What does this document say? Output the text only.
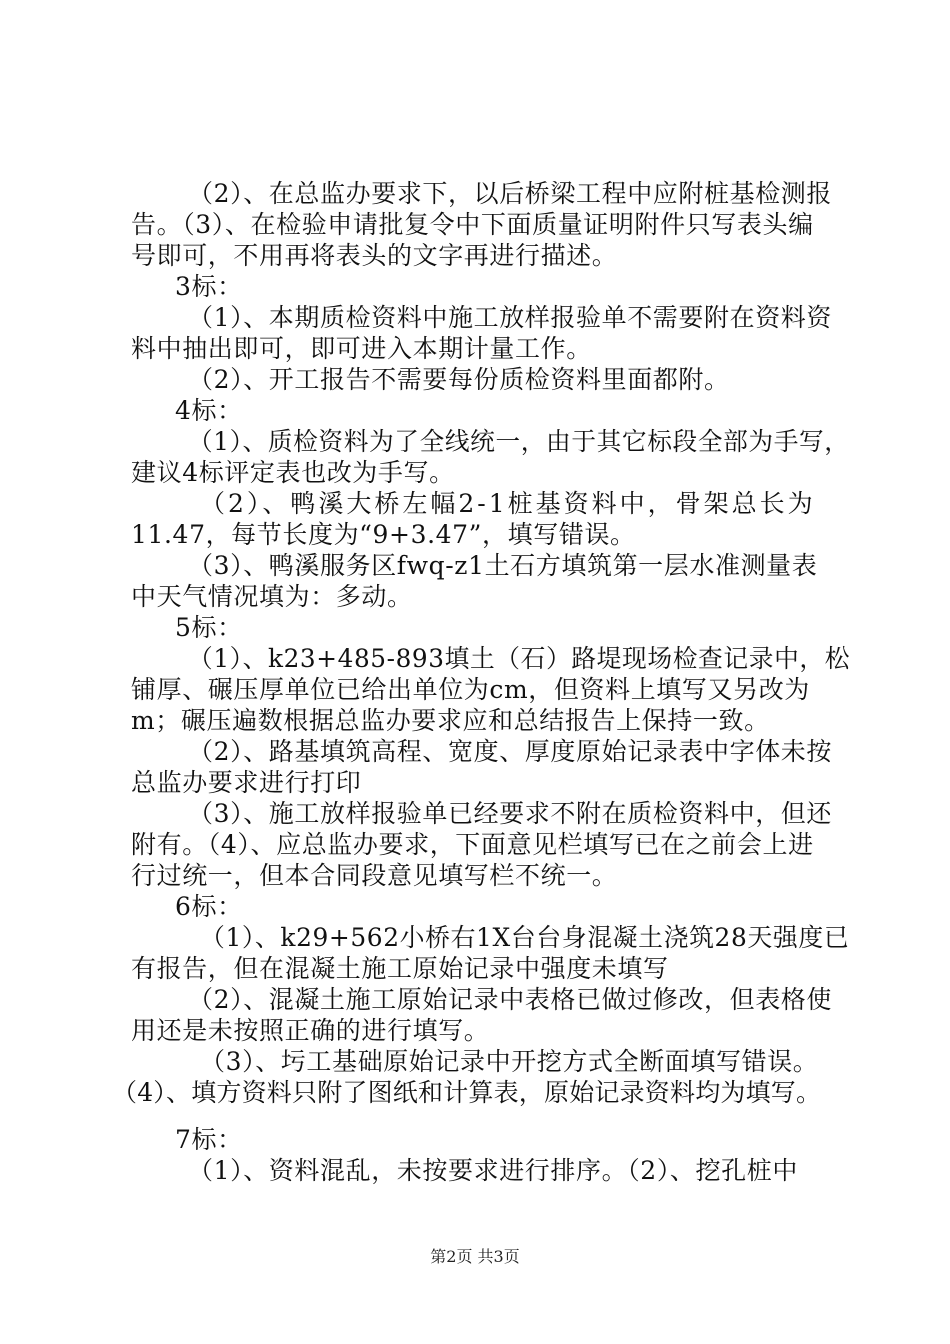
（2）、在总监办要求下，以后桥梁工程中应附桩基检测报
告。（3）、在检验申请批复令中下面质量证明附件只写表头编
号即可，不用再将表头的文字再进行描述。
3标：
（1）、本期质检资料中施工放样报验单不需要附在资料资
料中抽出即可，即可进入本期计量工作。
（2）、开工报告不需要每份质检资料里面都附。
4标：
（1）、质检资料为了全线统一，由于其它标段全部为手写，
建议4标评定表也改为手写。
（2）、鸭溪大桥左幅2-1桩基资料中，骨架总长为
11.47，每节长度为“9+3.47”，填写错误。
（3）、鸭溪服务区fwq-z1土石方填筑第一层水准测量表
中天气情况填为：多动。
5标：
（1）、k23+485-893填土（石）路堤现场检查记录中，松
铺厚、碾压厚单位已给出单位为cm，但资料上填写又另改为
m；碾压遍数根据总监办要求应和总结报告上保持一致。
（2）、路基填筑高程、宽度、厚度原始记录表中字体未按
总监办要求进行打印
（3）、施工放样报验单已经要求不附在质检资料中，但还
附有。（4）、应总监办要求，下面意见栏填写已在之前会上进
行过统一，但本合同段意见填写栏不统一。
6标：
（1）、k29+562小桥右1X台台身混凝土浇筑28天强度已
有报告，但在混凝土施工原始记录中强度未填写
（2）、混凝土施工原始记录中表格已做过修改，但表格使
用还是未按照正确的进行填写。
（3）、圬工基础原始记录中开挖方式全断面填写错误。
（4）、填方资料只附了图纸和计算表，原始记录资料均为填写。
7标：
（1）、资料混乱，未按要求进行排序。（2）、挖孔桩中
第2页 共3页
